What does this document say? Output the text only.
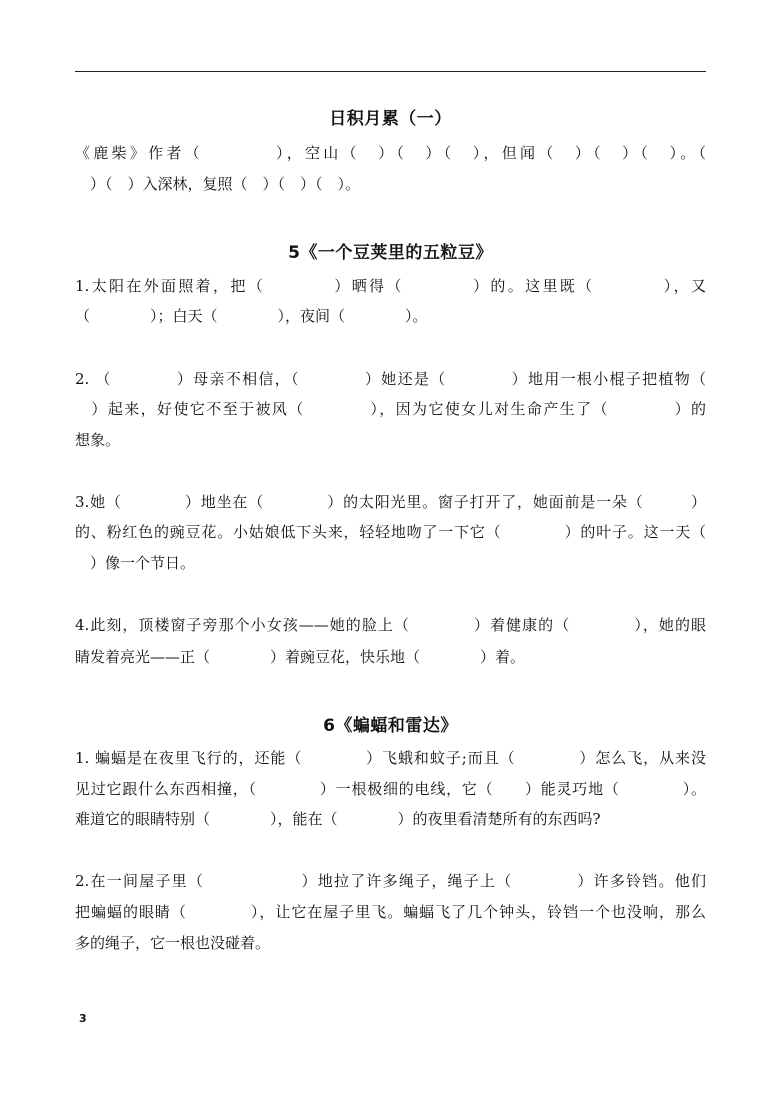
日积月累（一）
《鹿柴》作者（　　　　），空山（　）（　）（　），但闻（　）（　）（　）。（
　）（　）入深林，复照（　）（　）（　）。
5《一个豆荚里的五粒豆》
1.太阳在外面照着，把（　　　　）晒得（　　　　）的。这里既（　　　　），又
（　　　　）；白天（　　　　），夜间（　　　　）。
2. （　　　　）母亲不相信，（　　　　）她还是（　　　　）地用一根小棍子把植物（
　）起来，好使它不至于被风（　　　　），因为它使女儿对生命产生了（　　　　）的
想象。
3.她（　　　　）地坐在（　　　　）的太阳光里。窗子打开了，她面前是一朵（　　　）
的、粉红色的豌豆花。小姑娘低下头来，轻轻地吻了一下它（　　　　）的叶子。这一天（
　）像一个节日。
4.此刻，顶楼窗子旁那个小女孩——她的脸上（　　　　）着健康的（　　　　），她的眼
睛发着亮光——正（　　　　）着豌豆花，快乐地（　　　　）着。
6《蝙蝠和雷达》
1. 蝙蝠是在夜里飞行的，还能（　　　　）飞蛾和蚊子;而且（　　　　）怎么飞，从来没
见过它跟什么东西相撞，（　　　　）一根极细的电线，它（　　）能灵巧地（　　　　）。
难道它的眼睛特别（　　　　），能在（　　　　）的夜里看清楚所有的东西吗?
2.在一间屋子里（　　　　　　）地拉了许多绳子，绳子上（　　　　）许多铃铛。他们
把蝙蝠的眼睛（　　　　），让它在屋子里飞。蝙蝠飞了几个钟头，铃铛一个也没响，那么
多的绳子，它一根也没碰着。
3
